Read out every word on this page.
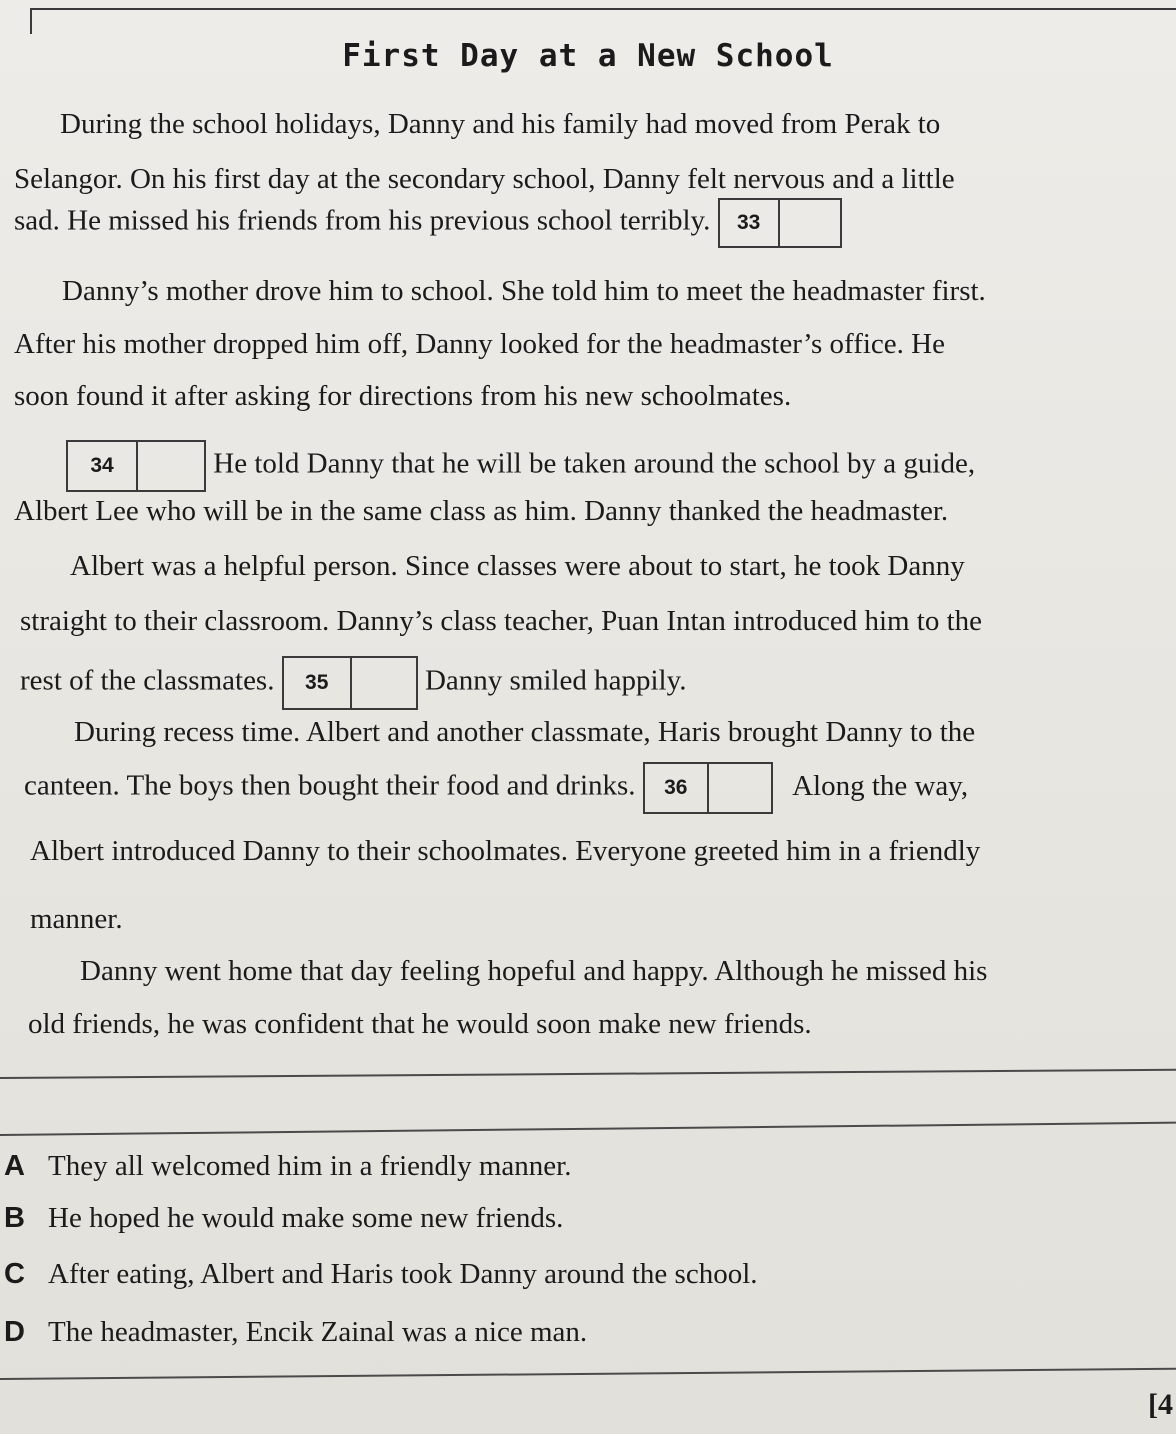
First Day at a New School
During the school holidays, Danny and his family had moved from Perak to
Selangor. On his first day at the secondary school, Danny felt nervous and a little
sad. He missed his friends from his previous school terribly.	33
Danny’s mother drove him to school. She told him to meet the headmaster first.
After his mother dropped him off, Danny looked for the headmaster’s office. He
soon found it after asking for directions from his new schoolmates.
34	He told Danny that he will be taken around the school by a guide,
Albert Lee who will be in the same class as him. Danny thanked the headmaster.
Albert was a helpful person. Since classes were about to start, he took Danny
straight to their classroom. Danny’s class teacher, Puan Intan introduced him to the
rest of the classmates.	35	Danny smiled happily.
During recess time. Albert and another classmate, Haris brought Danny to the
canteen. The boys then bought their food and drinks.	36	Along the way,
Albert introduced Danny to their schoolmates. Everyone greeted him in a friendly
manner.
Danny went home that day feeling hopeful and happy. Although he missed his
old friends, he was confident that he would soon make new friends.
A They all welcomed him in a friendly manner.
B He hoped he would make some new friends.
C After eating, Albert and Haris took Danny around the school.
D The headmaster, Encik Zainal was a nice man.
[4
